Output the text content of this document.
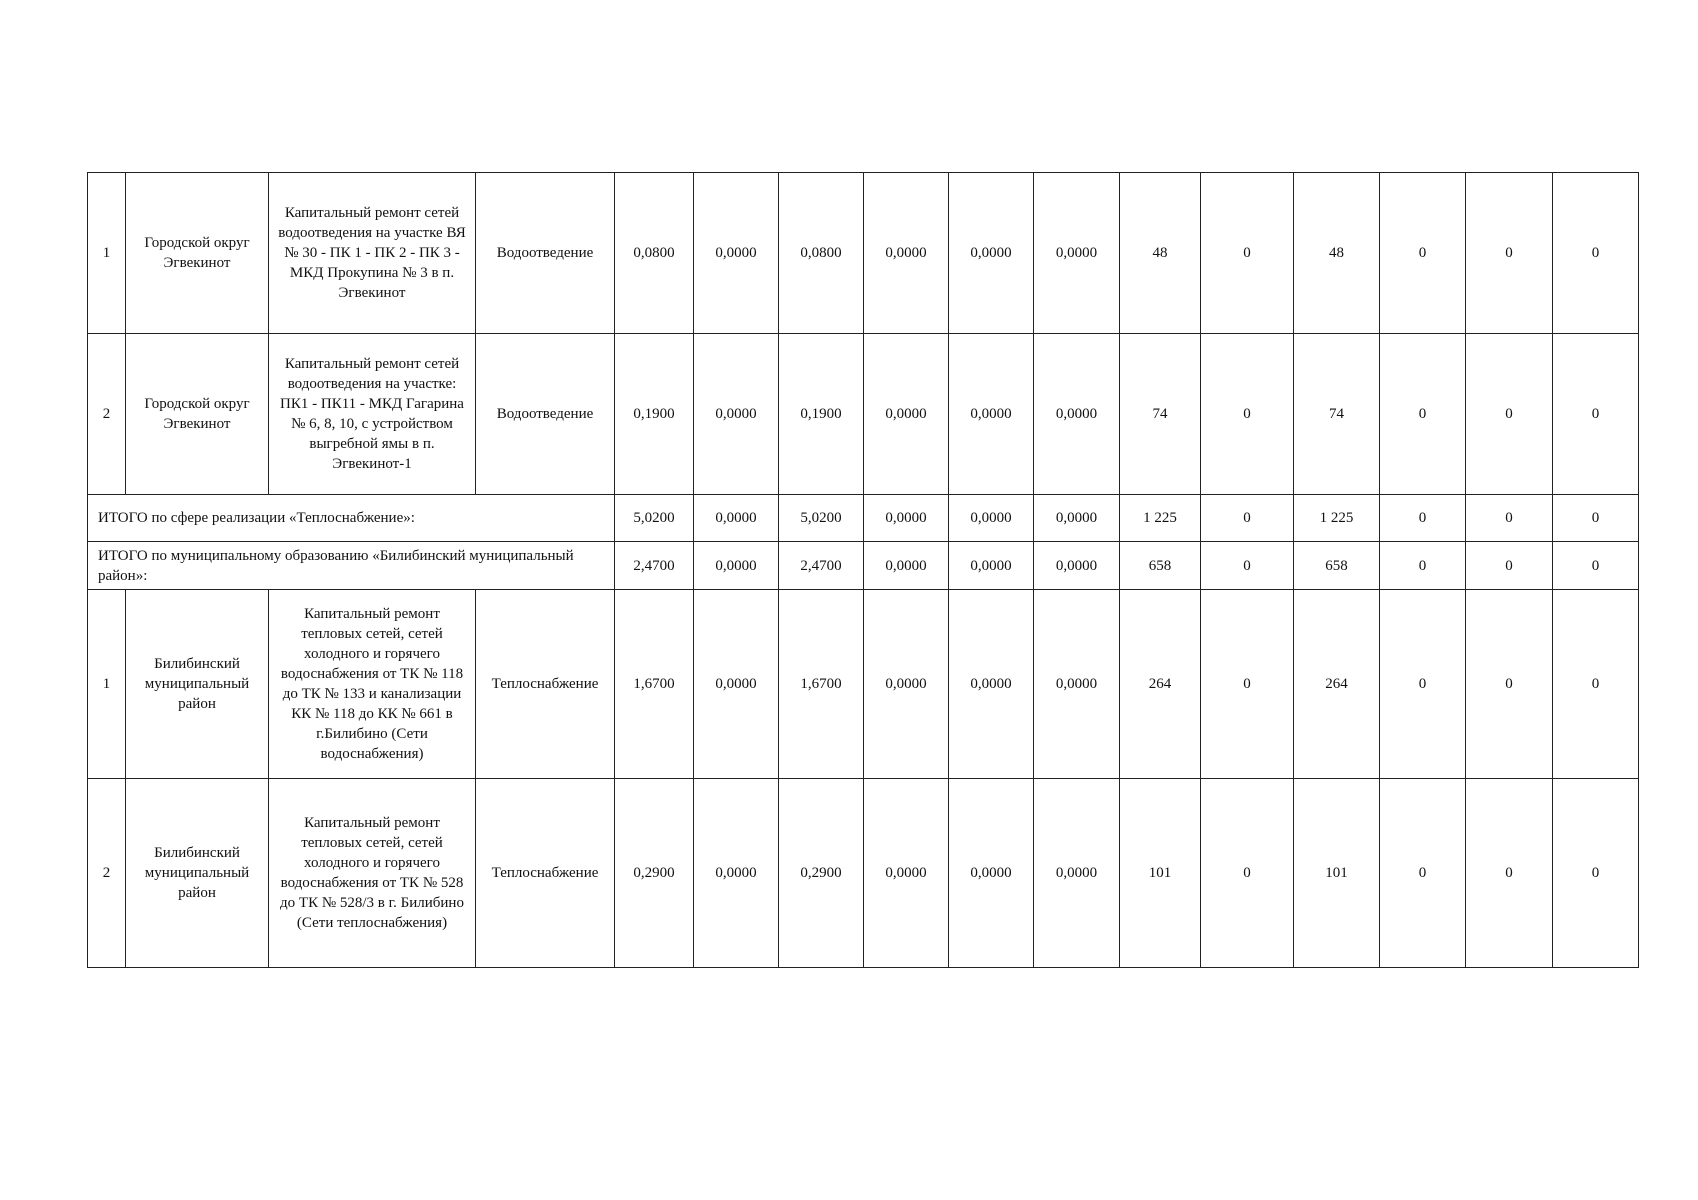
1	Городской округ Эгвекинот	Капитальный ремонт сетей водоотведения на участке ВЯ № 30 - ПК 1 - ПК 2 - ПК 3 - МКД Прокупина № 3 в п. Эгвекинот	Водоотведение	0,0800	0,0000	0,0800	0,0000	0,0000	0,0000	48	0	48	0	0	0
2	Городской округ Эгвекинот	Капитальный ремонт сетей водоотведения на участке: ПК1 - ПК11 - МКД Гагарина № 6, 8, 10, с устройством выгребной ямы в п. Эгвекинот-1	Водоотведение	0,1900	0,0000	0,1900	0,0000	0,0000	0,0000	74	0	74	0	0	0
ИТОГО по сфере реализации «Теплоснабжение»:				5,0200	0,0000	5,0200	0,0000	0,0000	0,0000	1 225	0	1 225	0	0	0
ИТОГО по муниципальному образованию «Билибинский муниципальный район»:				2,4700	0,0000	2,4700	0,0000	0,0000	0,0000	658	0	658	0	0	0
1	Билибинский муниципальный район	Капитальный ремонт тепловых сетей, сетей холодного и горячего водоснабжения от ТК № 118 до ТК № 133 и канализации КК № 118 до КК № 661 в г.Билибино (Сети водоснабжения)	Теплоснабжение	1,6700	0,0000	1,6700	0,0000	0,0000	0,0000	264	0	264	0	0	0
2	Билибинский муниципальный район	Капитальный ремонт тепловых сетей, сетей холодного и горячего водоснабжения от ТК № 528 до ТК № 528/3 в г. Билибино (Сети теплоснабжения)	Теплоснабжение	0,2900	0,0000	0,2900	0,0000	0,0000	0,0000	101	0	101	0	0	0
